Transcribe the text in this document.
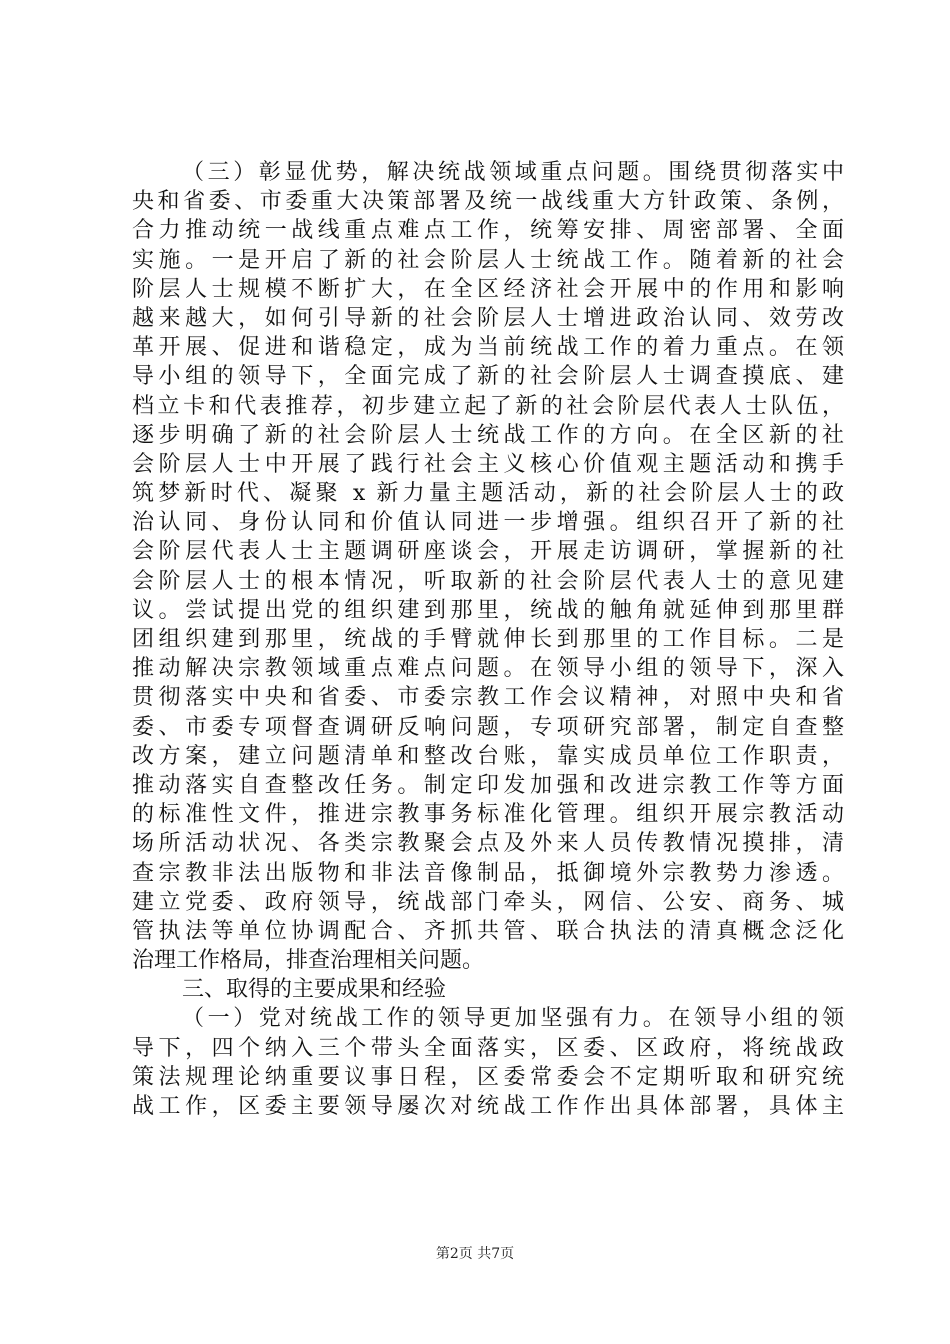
（三）彰显优势，解决统战领域重点问题。围绕贯彻落实中
央和省委、市委重大决策部署及统一战线重大方针政策、条例，
合力推动统一战线重点难点工作，统筹安排、周密部署、全面
实施。一是开启了新的社会阶层人士统战工作。随着新的社会
阶层人士规模不断扩大，在全区经济社会开展中的作用和影响
越来越大，如何引导新的社会阶层人士增进政治认同、效劳改
革开展、促进和谐稳定，成为当前统战工作的着力重点。在领
导小组的领导下，全面完成了新的社会阶层人士调查摸底、建
档立卡和代表推荐，初步建立起了新的社会阶层代表人士队伍，
逐步明确了新的社会阶层人士统战工作的方向。在全区新的社
会阶层人士中开展了践行社会主义核心价值观主题活动和携手
筑梦新时代、凝聚 x 新力量主题活动，新的社会阶层人士的政
治认同、身份认同和价值认同进一步增强。组织召开了新的社
会阶层代表人士主题调研座谈会，开展走访调研，掌握新的社
会阶层人士的根本情况，听取新的社会阶层代表人士的意见建
议。尝试提出党的组织建到那里，统战的触角就延伸到那里群
团组织建到那里，统战的手臂就伸长到那里的工作目标。二是
推动解决宗教领域重点难点问题。在领导小组的领导下，深入
贯彻落实中央和省委、市委宗教工作会议精神，对照中央和省
委、市委专项督查调研反响问题，专项研究部署，制定自查整
改方案，建立问题清单和整改台账，靠实成员单位工作职责，
推动落实自查整改任务。制定印发加强和改进宗教工作等方面
的标准性文件，推进宗教事务标准化管理。组织开展宗教活动
场所活动状况、各类宗教聚会点及外来人员传教情况摸排，清
查宗教非法出版物和非法音像制品，抵御境外宗教势力渗透。
建立党委、政府领导，统战部门牵头，网信、公安、商务、城
管执法等单位协调配合、齐抓共管、联合执法的清真概念泛化
治理工作格局，排查治理相关问题。
三、取得的主要成果和经验
（一）党对统战工作的领导更加坚强有力。在领导小组的领
导下，四个纳入三个带头全面落实，区委、区政府，将统战政
策法规理论纳重要议事日程，区委常委会不定期听取和研究统
战工作，区委主要领导屡次对统战工作作出具体部署，具体主
第2页 共7页
